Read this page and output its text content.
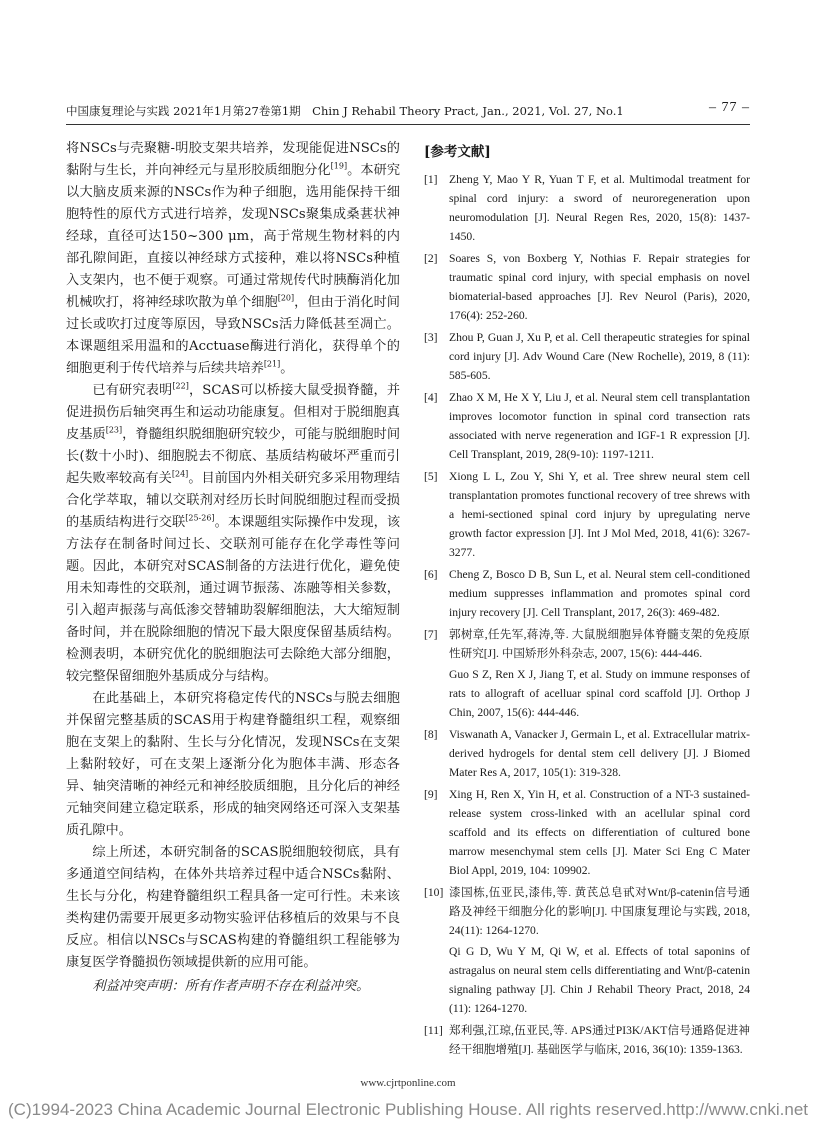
中国康复理论与实践 2021年1月第27卷第1期　Chin J Rehabil Theory Pract, Jan., 2021, Vol. 27, No.1	– 77 –

将NSCs与壳聚糖-明胶支架共培养，发现能促进NSCs的黏附与生长，并向神经元与星形胶质细胞分化[19]。本研究以大脑皮质来源的NSCs作为种子细胞，选用能保持干细胞特性的原代方式进行培养，发现NSCs聚集成桑葚状神经球，直径可达150~300 μm，高于常规生物材料的内部孔隙间距，直接以神经球方式接种，难以将NSCs种植入支架内，也不便于观察。可通过常规传代时胰酶消化加机械吹打，将神经球吹散为单个细胞[20]，但由于消化时间过长或吹打过度等原因，导致NSCs活力降低甚至凋亡。本课题组采用温和的Acctuase酶进行消化，获得单个的细胞更利于传代培养与后续共培养[21]。

已有研究表明[22]，SCAS可以桥接大鼠受损脊髓，并促进损伤后轴突再生和运动功能康复。但相对于脱细胞真皮基质[23]，脊髓组织脱细胞研究较少，可能与脱细胞时间长(数十小时)、细胞脱去不彻底、基质结构破坏严重而引起失败率较高有关[24]。目前国内外相关研究多采用物理结合化学萃取，辅以交联剂对经历长时间脱细胞过程而受损的基质结构进行交联[25-26]。本课题组实际操作中发现，该方法存在制备时间过长、交联剂可能存在化学毒性等问题。因此，本研究对SCAS制备的方法进行优化，避免使用未知毒性的交联剂，通过调节振荡、冻融等相关参数，引入超声振荡与高低渗交替辅助裂解细胞法，大大缩短制备时间，并在脱除细胞的情况下最大限度保留基质结构。检测表明，本研究优化的脱细胞法可去除绝大部分细胞，较完整保留细胞外基质成分与结构。

在此基础上，本研究将稳定传代的NSCs与脱去细胞并保留完整基质的SCAS用于构建脊髓组织工程，观察细胞在支架上的黏附、生长与分化情况，发现NSCs在支架上黏附较好，可在支架上逐渐分化为胞体丰满、形态各异、轴突清晰的神经元和神经胶质细胞，且分化后的神经元轴突间建立稳定联系，形成的轴突网络还可深入支架基质孔隙中。

综上所述，本研究制备的SCAS脱细胞较彻底，具有多通道空间结构，在体外共培养过程中适合NSCs黏附、生长与分化，构建脊髓组织工程具备一定可行性。未来该类构建仍需要开展更多动物实验评估移植后的效果与不良反应。相信以NSCs与SCAS构建的脊髓组织工程能够为康复医学脊髓损伤领域提供新的应用可能。

利益冲突声明：所有作者声明不存在利益冲突。

[参考文献]
[1] Zheng Y, Mao Y R, Yuan T F, et al. Multimodal treatment for spinal cord injury: a sword of neuroregeneration upon neuromodulation [J]. Neural Regen Res, 2020, 15(8): 1437-1450.
[2] Soares S, von Boxberg Y, Nothias F. Repair strategies for traumatic spinal cord injury, with special emphasis on novel biomaterial-based approaches [J]. Rev Neurol (Paris), 2020, 176(4): 252-260.
[3] Zhou P, Guan J, Xu P, et al. Cell therapeutic strategies for spinal cord injury [J]. Adv Wound Care (New Rochelle), 2019, 8 (11): 585-605.
[4] Zhao X M, He X Y, Liu J, et al. Neural stem cell transplantation improves locomotor function in spinal cord transection rats associated with nerve regeneration and IGF-1 R expression [J]. Cell Transplant, 2019, 28(9-10): 1197-1211.
[5] Xiong L L, Zou Y, Shi Y, et al. Tree shrew neural stem cell transplantation promotes functional recovery of tree shrews with a hemi-sectioned spinal cord injury by upregulating nerve growth factor expression [J]. Int J Mol Med, 2018, 41(6): 3267-3277.
[6] Cheng Z, Bosco D B, Sun L, et al. Neural stem cell-conditioned medium suppresses inflammation and promotes spinal cord injury recovery [J]. Cell Transplant, 2017, 26(3): 469-482.
[7] 郭树章,任先军,蒋涛,等. 大鼠脱细胞异体脊髓支架的免疫原性研究[J]. 中国矫形外科杂志, 2007, 15(6): 444-446.
Guo S Z, Ren X J, Jiang T, et al. Study on immune responses of rats to allograft of acelluar spinal cord scaffold [J]. Orthop J Chin, 2007, 15(6): 444-446.
[8] Viswanath A, Vanacker J, Germain L, et al. Extracellular matrix-derived hydrogels for dental stem cell delivery [J]. J Biomed Mater Res A, 2017, 105(1): 319-328.
[9] Xing H, Ren X, Yin H, et al. Construction of a NT-3 sustained-release system cross-linked with an acellular spinal cord scaffold and its effects on differentiation of cultured bone marrow mesenchymal stem cells [J]. Mater Sci Eng C Mater Biol Appl, 2019, 104: 109902.
[10] 漆国栋,伍亚民,漆伟,等. 黄芪总皂甙对Wnt/β-catenin信号通路及神经干细胞分化的影响[J]. 中国康复理论与实践, 2018, 24(11): 1264-1270.
Qi G D, Wu Y M, Qi W, et al. Effects of total saponins of astragalus on neural stem cells differentiating and Wnt/β-catenin signaling pathway [J]. Chin J Rehabil Theory Pract, 2018, 24 (11): 1264-1270.
[11] 郑利强,江琼,伍亚民,等. APS通过PI3K/AKT信号通路促进神经干细胞增殖[J]. 基础医学与临床, 2016, 36(10): 1359-1363.
www.cjrtponline.com
(C)1994-2023 China Academic Journal Electronic Publishing House. All rights reserved. http://www.cnki.net
